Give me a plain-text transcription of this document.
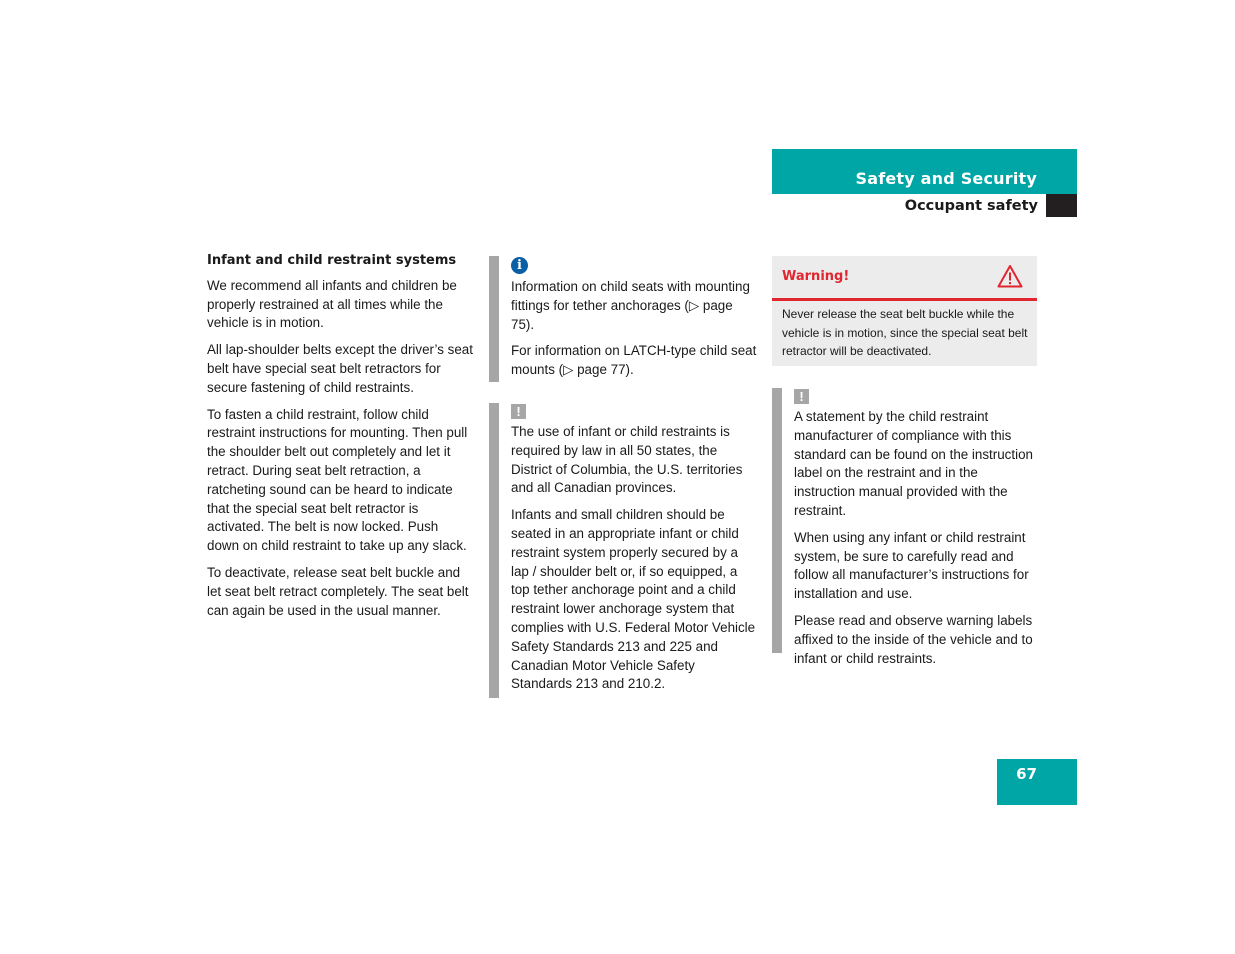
Safety and Security
Occupant safety
Infant and child restraint systems

We recommend all infants and children be properly restrained at all times while the vehicle is in motion.

All lap-shoulder belts except the driver’s seat belt have special seat belt retractors for secure fastening of child restraints.

To fasten a child restraint, follow child restraint instructions for mounting. Then pull the shoulder belt out completely and let it retract. During seat belt retraction, a ratcheting sound can be heard to indicate that the special seat belt retractor is activated. The belt is now locked. Push down on child restraint to take up any slack.

To deactivate, release seat belt buckle and let seat belt retract completely. The seat belt can again be used in the usual manner.

i

Information on child seats with mounting fittings for tether anchorages (▷ page 75).

For information on LATCH-type child seat mounts (▷ page 77).

!

The use of infant or child restraints is required by law in all 50 states, the District of Columbia, the U.S. territories and all Canadian provinces.

Infants and small children should be seated in an appropriate infant or child restraint system properly secured by a lap / shoulder belt or, if so equipped, a top tether anchorage point and a child restraint lower anchorage system that complies with U.S. Federal Motor Vehicle Safety Standards 213 and 225 and Canadian Motor Vehicle Safety Standards 213 and 210.2.

Warning!
Never release the seat belt buckle while the vehicle is in motion, since the special seat belt retractor will be deactivated.
!

A statement by the child restraint manufacturer of compliance with this standard can be found on the instruction label on the restraint and in the instruction manual provided with the restraint.

When using any infant or child restraint system, be sure to carefully read and follow all manufacturer’s instructions for installation and use.

Please read and observe warning labels affixed to the inside of the vehicle and to infant or child restraints.

67
